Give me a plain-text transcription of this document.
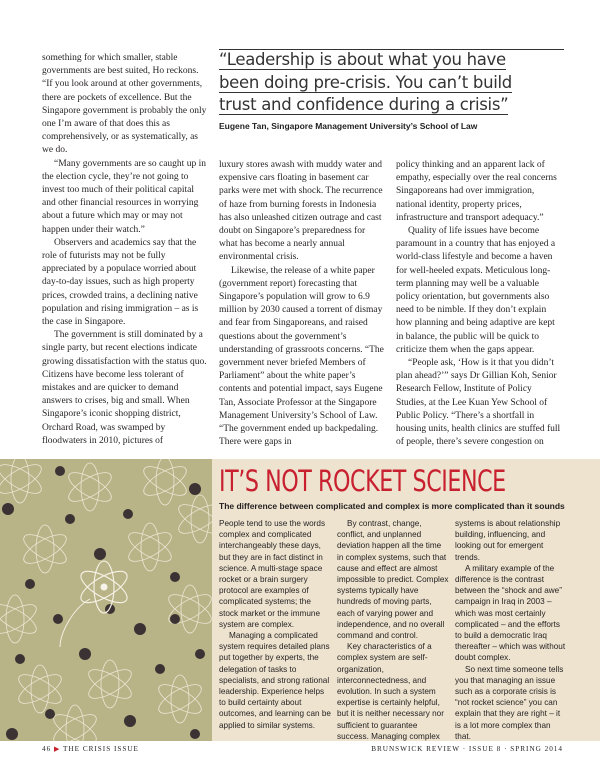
something for which smaller, stable governments are best suited, Ho reckons. “If you look around at other governments, there are pockets of excellence. But the Singapore government is probably the only one I’m aware of that does this as comprehensively, or as systematically, as we do.

“Many governments are so caught up in the election cycle, they’re not going to invest too much of their political capital and other financial resources in worrying about a future which may or may not happen under their watch.”

Observers and academics say that the role of futurists may not be fully appreciated by a populace worried about day-to-day issues, such as high property prices, crowded trains, a declining native population and rising immigration – as is the case in Singapore.

The government is still dominated by a single party, but recent elections indicate growing dissatisfaction with the status quo. Citizens have become less tolerant of mistakes and are quicker to demand answers to crises, big and small. When Singapore’s iconic shopping district, Orchard Road, was swamped by floodwaters in 2010, pictures of

“Leadership is about what you have
been doing pre-crisis. You can’t build
trust and confidence during a crisis”
Eugene Tan, Singapore Management University’s School of Law

luxury stores awash with muddy water and expensive cars floating in basement car parks were met with shock. The recurrence of haze from burning forests in Indonesia has also unleashed citizen outrage and cast doubt on Singapore’s preparedness for what has become a nearly annual environmental crisis.

Likewise, the release of a white paper (government report) forecasting that Singapore’s population will grow to 6.9 million by 2030 caused a torrent of dismay and fear from Singaporeans, and raised questions about the government’s understanding of grassroots concerns. “The government never briefed Members of Parliament” about the white paper’s contents and potential impact, says Eugene Tan, Associate Professor at the Singapore Management University’s School of Law. “The government ended up backpedaling. There were gaps in

policy thinking and an apparent lack of empathy, especially over the real concerns Singaporeans had over immigration, national identity, property prices, infrastructure and transport adequacy.”

Quality of life issues have become paramount in a country that has enjoyed a world-class lifestyle and become a haven for well-heeled expats. Meticulous long-term planning may well be a valuable policy orientation, but governments also need to be nimble. If they don’t explain how planning and being adaptive are kept in balance, the public will be quick to criticize them when the gaps appear.

“People ask, ‘How is it that you didn’t plan ahead?’” says Dr Gillian Koh, Senior Research Fellow, Institute of Policy Studies, at the Lee Kuan Yew School of Public Policy. “There’s a shortfall in housing units, health clinics are stuffed full of people, there’s severe congestion on

IT’S NOT ROCKET SCIENCE
The difference between complicated and complex is more complicated than it sounds

People tend to use the words complex and complicated interchangeably these days, but they are in fact distinct in science. A multi-stage space rocket or a brain surgery protocol are examples of complicated systems; the stock market or the immune system are complex.

Managing a complicated system requires detailed plans put together by experts, the delegation of tasks to specialists, and strong rational leadership. Experience helps to build certainty about outcomes, and learning can be applied to similar systems.

By contrast, change, conflict, and unplanned deviation happen all the time in complex systems, such that cause and effect are almost impossible to predict. Complex systems typically have hundreds of moving parts, each of varying power and independence, and no overall command and control.

Key characteristics of a complex system are self-organization, interconnectedness, and evolution. In such a system expertise is certainly helpful, but it is neither necessary nor sufficient to guarantee success. Managing complex

systems is about relationship building, influencing, and looking out for emergent trends.

A military example of the difference is the contrast between the “shock and awe” campaign in Iraq in 2003 – which was most certainly complicated – and the efforts to build a democratic Iraq thereafter – which was without doubt complex.

So next time someone tells you that managing an issue such as a corporate crisis is “not rocket science” you can explain that they are right – it is a lot more complex than that.

46 ▶ THE CRISIS ISSUE	BRUNSWICK REVIEW · ISSUE 8 · SPRING 2014
